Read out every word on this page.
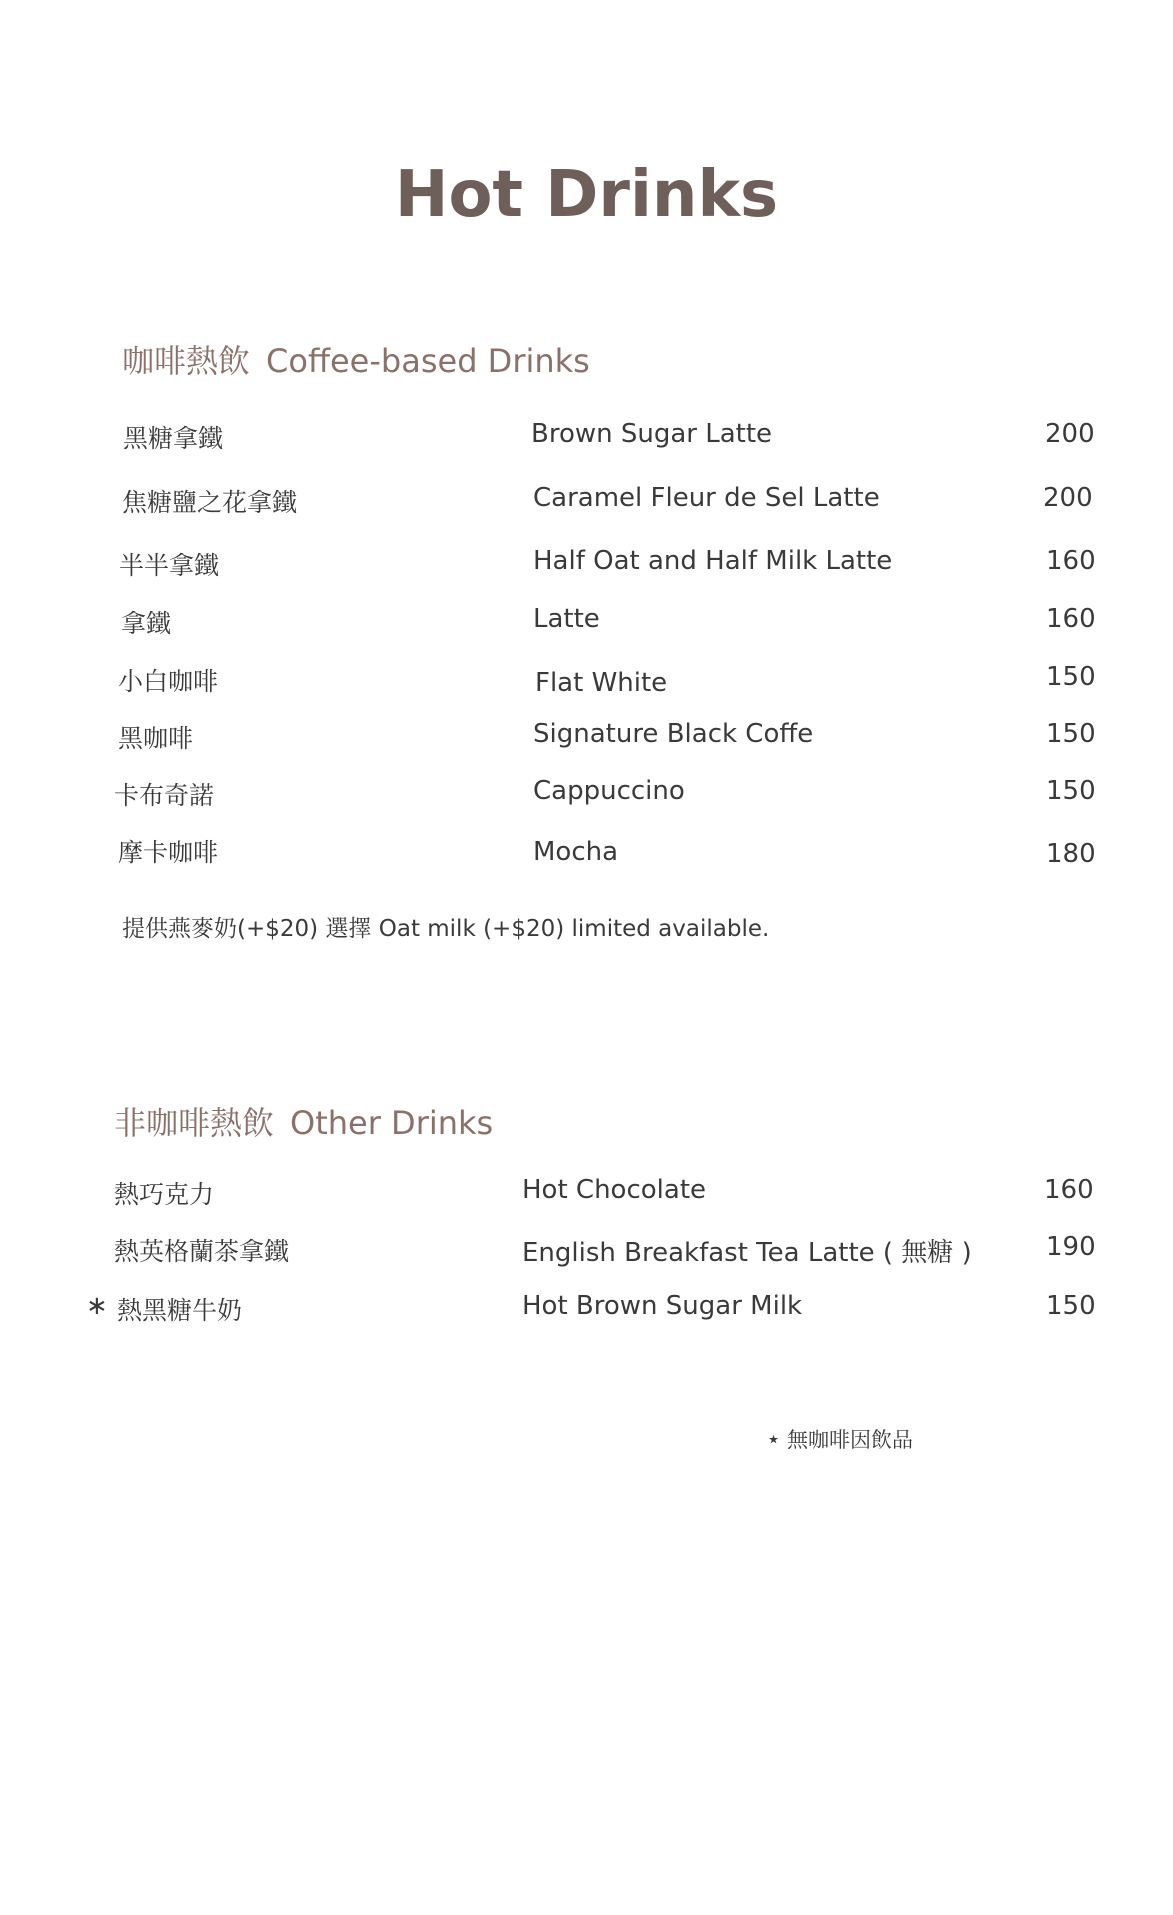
Hot Drinks
咖啡熱飲 Coffee-based Drinks
黑糖拿鐵	Brown Sugar Latte	200
焦糖鹽之花拿鐵	Caramel Fleur de Sel Latte	200
半半拿鐵	Half Oat and Half Milk Latte	160
拿鐵	Latte	160
小白咖啡	Flat White	150
黑咖啡	Signature Black Coffe	150
卡布奇諾	Cappuccino	150
摩卡咖啡	Mocha	180
提供燕麥奶(+$20) 選擇 Oat milk (+$20) limited available.
非咖啡熱飲 Other Drinks
熱巧克力	Hot Chocolate	160
熱英格蘭茶拿鐵	English Breakfast Tea Latte ( 無糖 )	190
∗ 熱黑糖牛奶	Hot Brown Sugar Milk	150
⋆ 無咖啡因飲品
